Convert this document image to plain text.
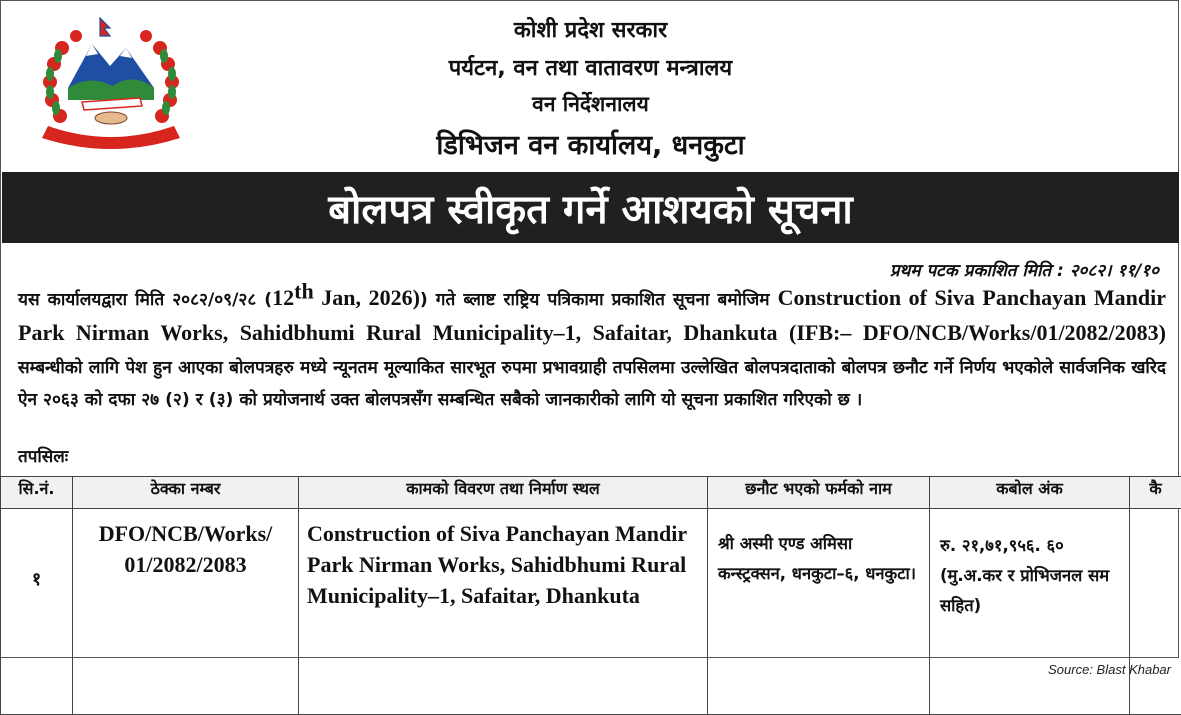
कोशी प्रदेश सरकार
पर्यटन, वन तथा वातावरण मन्त्रालय
वन निर्देशनालय
डिभिजन वन कार्यालय, धनकुटा
बोलपत्र स्वीकृत गर्ने आशयको सूचना
प्रथम पटक प्रकाशित मिति : २०८२। ११/१०
यस कार्यालयद्वारा मिति २०८२/०९/२८ (12th Jan, 2026)) गते ब्लाष्ट राष्ट्रिय पत्रिकामा प्रकाशित सूचना बमोजिम Construction of Siva Panchayan Mandir Park Nirman Works, Sahidbhumi Rural Municipality–1, Safaitar, Dhankuta (IFB:– DFO/NCB/Works/01/2082/2083) सम्बन्धीको लागि पेश हुन आएका बोलपत्रहरु मध्ये न्यूनतम मूल्याकित सारभूत रुपमा प्रभावग्राही तपसिलमा उल्लेखित बोलपत्रदाताको बोलपत्र छनौट गर्ने निर्णय भएकोले सार्वजनिक खरिद ऐन २०६३ को दफा २७ (२) र (३) को प्रयोजनार्थ उक्त बोलपत्रसँग सम्बन्धित सबैको जानकारीको लागि यो सूचना प्रकाशित गरिएको छ ।
तपसिलः
सि.नं.	ठेक्का नम्बर	कामको विवरण तथा निर्माण स्थल	छनौट भएको फर्मको नाम	कबोल अंक	कै
१	DFO/NCB/Works/ 01/2082/2083	Construction of Siva Panchayan Mandir Park Nirman Works, Sahidbhumi Rural Municipality–1, Safaitar, Dhankuta	श्री अस्मी एण्ड अमिसा कन्स्ट्रक्सन, धनकुटा–६, धनकुटा।	रु. २१,७१,९५६. ६० (मु.अ.कर र प्रोभिजनल सम सहित)	
Source: Blast Khabar
